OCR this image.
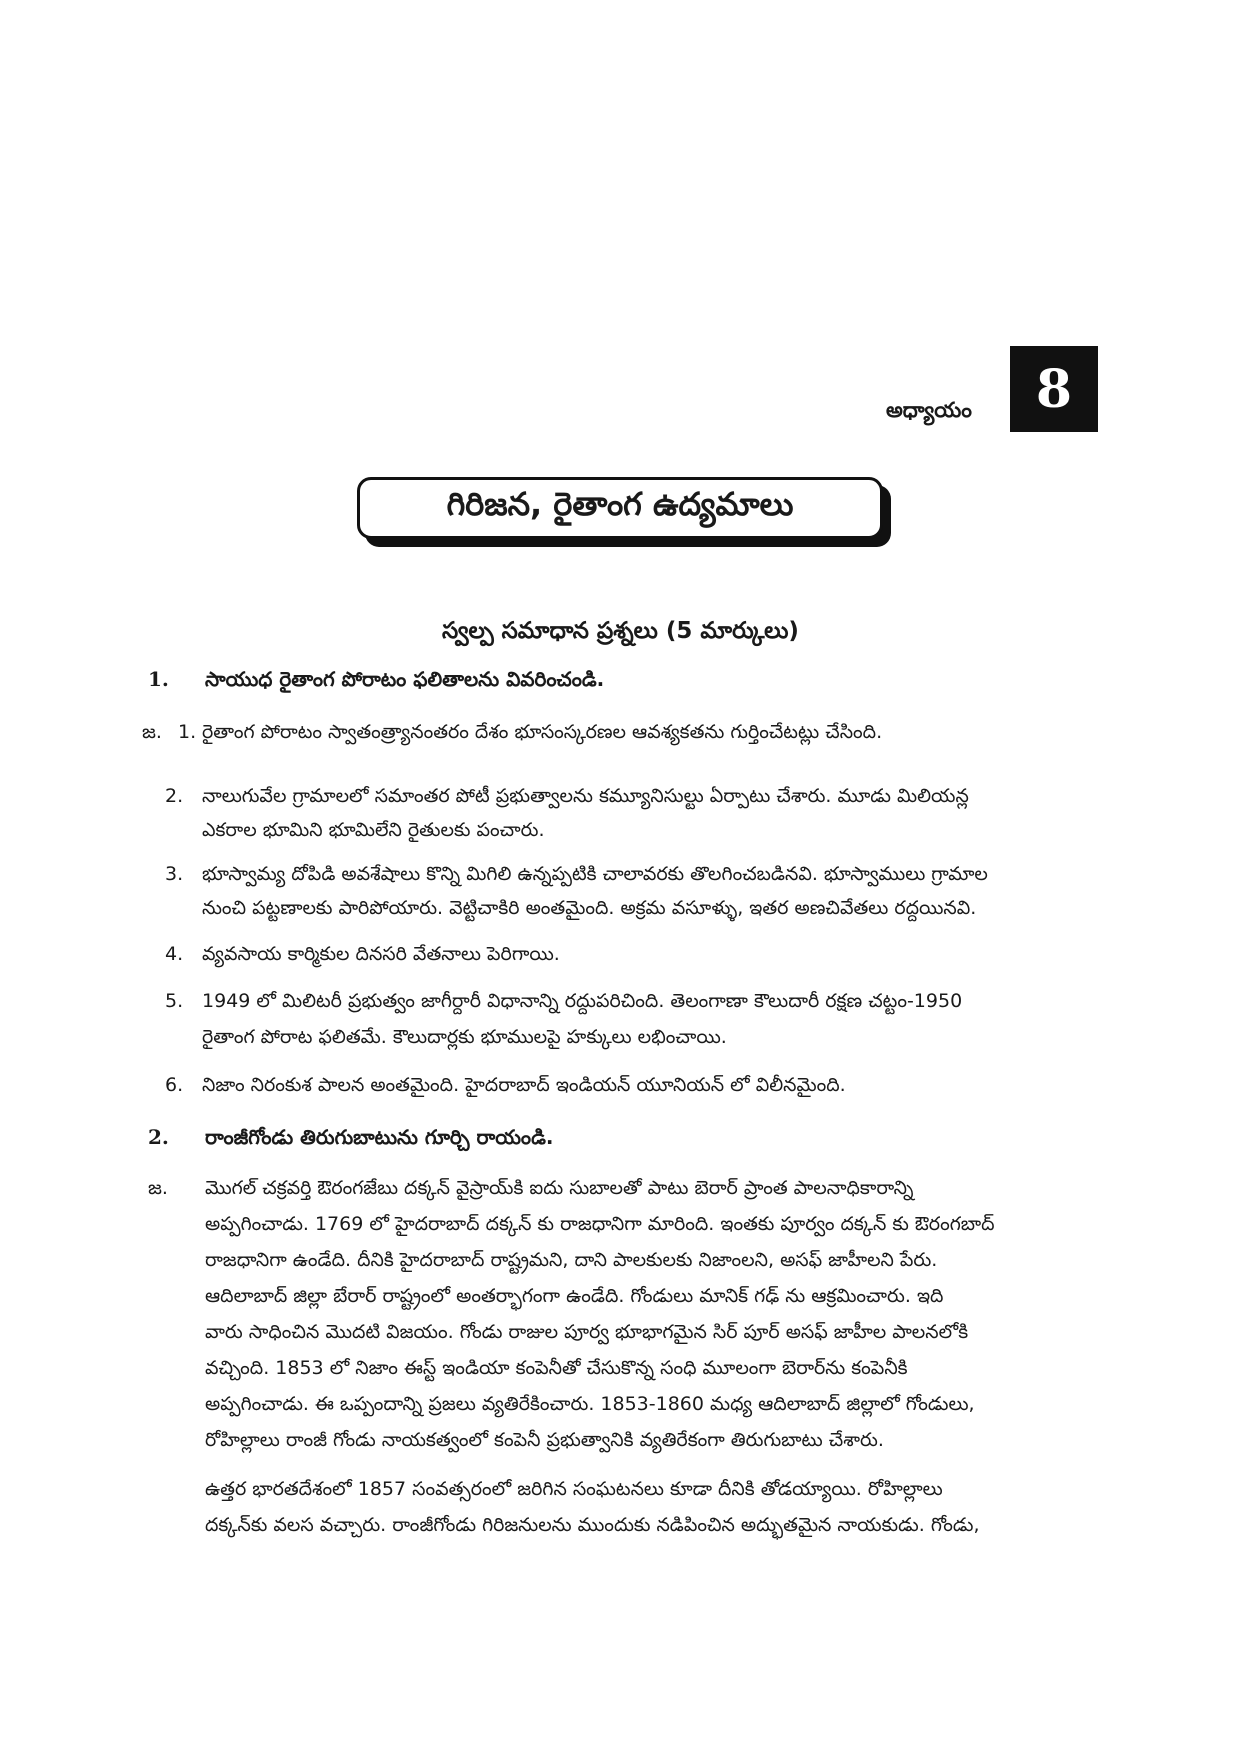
అధ్యాయం	8
గిరిజన, రైతాంగ ఉద్యమాలు
స్వల్ప సమాధాన ప్రశ్నలు (5 మార్కులు)
1. సాయుధ రైతాంగ పోరాటం ఫలితాలను వివరించండి.
జ. 1. రైతాంగ పోరాటం స్వాతంత్ర్యానంతరం దేశం భూసంస్కరణల ఆవశ్యకతను గుర్తించేటట్లు చేసింది.
2. నాలుగువేల గ్రామాలలో సమాంతర పోటీ ప్రభుత్వాలను కమ్యూనిసుల్టు ఏర్పాటు చేశారు. మూడు మిలియన్ల
ఎకరాల భూమిని భూమిలేని రైతులకు పంచారు.
3. భూస్వామ్య దోపిడి అవశేషాలు కొన్ని మిగిలి ఉన్నప్పటికి చాలావరకు తొలగించబడినవి. భూస్వాములు గ్రామాల
నుంచి పట్టణాలకు పారిపోయారు. వెట్టిచాకిరి అంతమైంది. అక్రమ వసూళ్ళు, ఇతర అణచివేతలు రద్దయినవి.
4. వ్యవసాయ కార్మికుల దినసరి వేతనాలు పెరిగాయి.
5. 1949 లో మిలిటరీ ప్రభుత్వం జాగీర్దారీ విధానాన్ని రద్దుపరిచింది. తెలంగాణా కౌలుదారీ రక్షణ చట్టం-1950
రైతాంగ పోరాట ఫలితమే. కౌలుదార్లకు భూములపై హక్కులు లభించాయి.
6. నిజాం నిరంకుశ పాలన అంతమైంది. హైదరాబాద్ ఇండియన్ యూనియన్ లో విలీనమైంది.
2. రాంజీగోండు తిరుగుబాటును గూర్చి రాయండి.
జ. మొగల్ చక్రవర్తి ఔరంగజేబు దక్కన్ వైస్రాయ్‌కి ఐదు సుబాలతో పాటు బెరార్ ప్రాంత పాలనాధికారాన్ని
అప్పగించాడు. 1769 లో హైదరాబాద్ దక్కన్ కు రాజధానిగా మారింది. ఇంతకు పూర్వం దక్కన్ కు ఔరంగబాద్
రాజధానిగా ఉండేది. దీనికి హైదరాబాద్ రాష్ట్రమని, దాని పాలకులకు నిజాంలని, అసఫ్ జాహీలని పేరు.
ఆదిలాబాద్ జిల్లా బేరార్ రాష్ట్రంలో అంతర్భాగంగా ఉండేది. గోండులు మానిక్ గఢ్ ను ఆక్రమించారు. ఇది
వారు సాధించిన మొదటి విజయం. గోండు రాజుల పూర్వ భూభాగమైన సిర్ పూర్ అసఫ్ జాహీల పాలనలోకి
వచ్చింది. 1853 లో నిజాం ఈస్ట్ ఇండియా కంపెనీతో చేసుకొన్న సంధి మూలంగా బెరార్‌ను కంపెనీకి
అప్పగించాడు. ఈ ఒప్పందాన్ని ప్రజలు వ్యతిరేకించారు. 1853-1860 మధ్య ఆదిలాబాద్ జిల్లాలో గోండులు,
రోహిల్లాలు రాంజీ గోండు నాయకత్వంలో కంపెనీ ప్రభుత్వానికి వ్యతిరేకంగా తిరుగుబాటు చేశారు.
ఉత్తర భారతదేశంలో 1857 సంవత్సరంలో జరిగిన సంఘటనలు కూడా దీనికి తోడయ్యాయి. రోహిల్లాలు
దక్కన్‌కు వలస వచ్చారు. రాంజీగోండు గిరిజనులను ముందుకు నడిపించిన అద్భుతమైన నాయకుడు. గోండు,
